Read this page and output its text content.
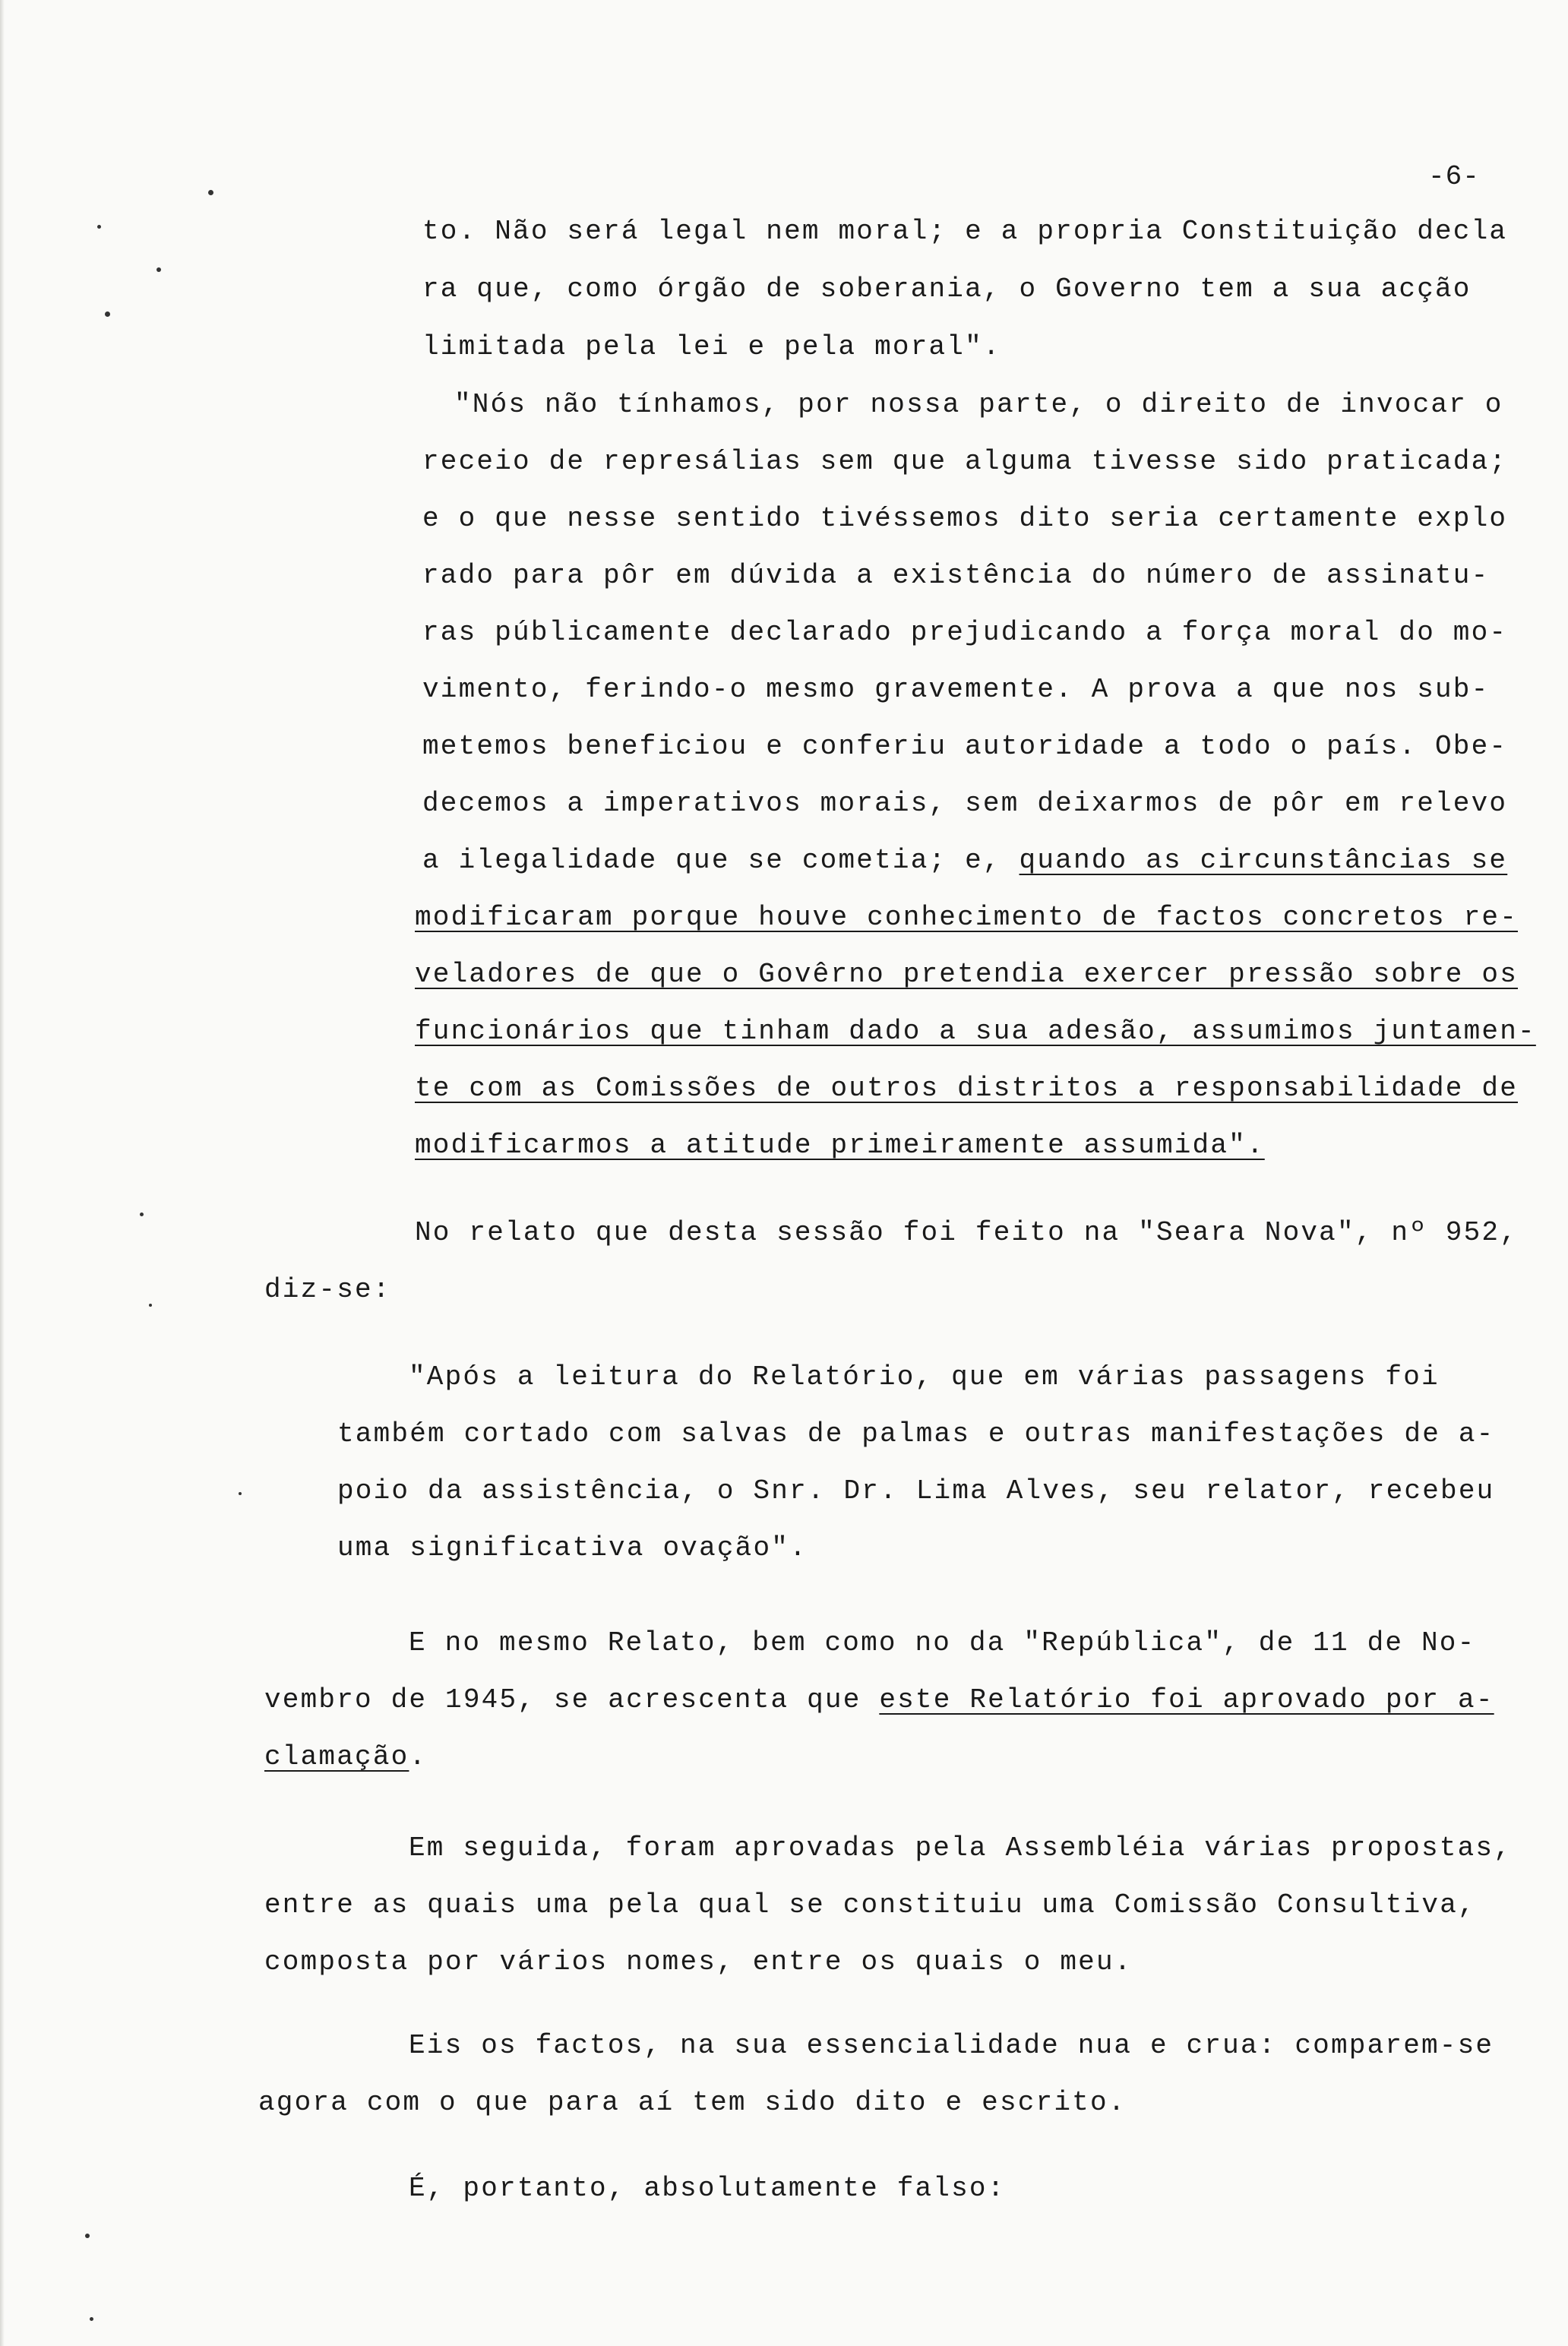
-6-
to. Não será legal nem moral; e a propria Constituição decla
ra que, como órgão de soberania, o Governo tem a sua acção
limitada pela lei e pela moral".
"Nós não tínhamos, por nossa parte, o direito de invocar o
receio de represálias sem que alguma tivesse sido praticada;
e o que nesse sentido tivéssemos dito seria certamente explo
rado para pôr em dúvida a existência do número de assinatu-
ras públicamente declarado prejudicando a força moral do mo-
vimento, ferindo-o mesmo gravemente. A prova a que nos sub-
metemos beneficiou e conferiu autoridade a todo o país. Obe-
decemos a imperativos morais, sem deixarmos de pôr em relevo
a ilegalidade que se cometia; e, quando as circunstâncias se
modificaram porque houve conhecimento de factos concretos re-
veladores de que o Govêrno pretendia exercer pressão sobre os
funcionários que tinham dado a sua adesão, assumimos juntamen-
te com as Comissões de outros distritos a responsabilidade de
modificarmos a atitude primeiramente assumida".
No relato que desta sessão foi feito na "Seara Nova", nº 952,
diz-se:
"Após a leitura do Relatório, que em várias passagens foi
também cortado com salvas de palmas e outras manifestações de a-
poio da assistência, o Snr. Dr. Lima Alves, seu relator, recebeu
uma significativa ovação".
E no mesmo Relato, bem como no da "República", de 11 de No-
vembro de 1945, se acrescenta que este Relatório foi aprovado por a-
clamação.
Em seguida, foram aprovadas pela Assembléia várias propostas,
entre as quais uma pela qual se constituiu uma Comissão Consultiva,
composta por vários nomes, entre os quais o meu.
Eis os factos, na sua essencialidade nua e crua: comparem-se
agora com o que para aí tem sido dito e escrito.
É, portanto, absolutamente falso:
